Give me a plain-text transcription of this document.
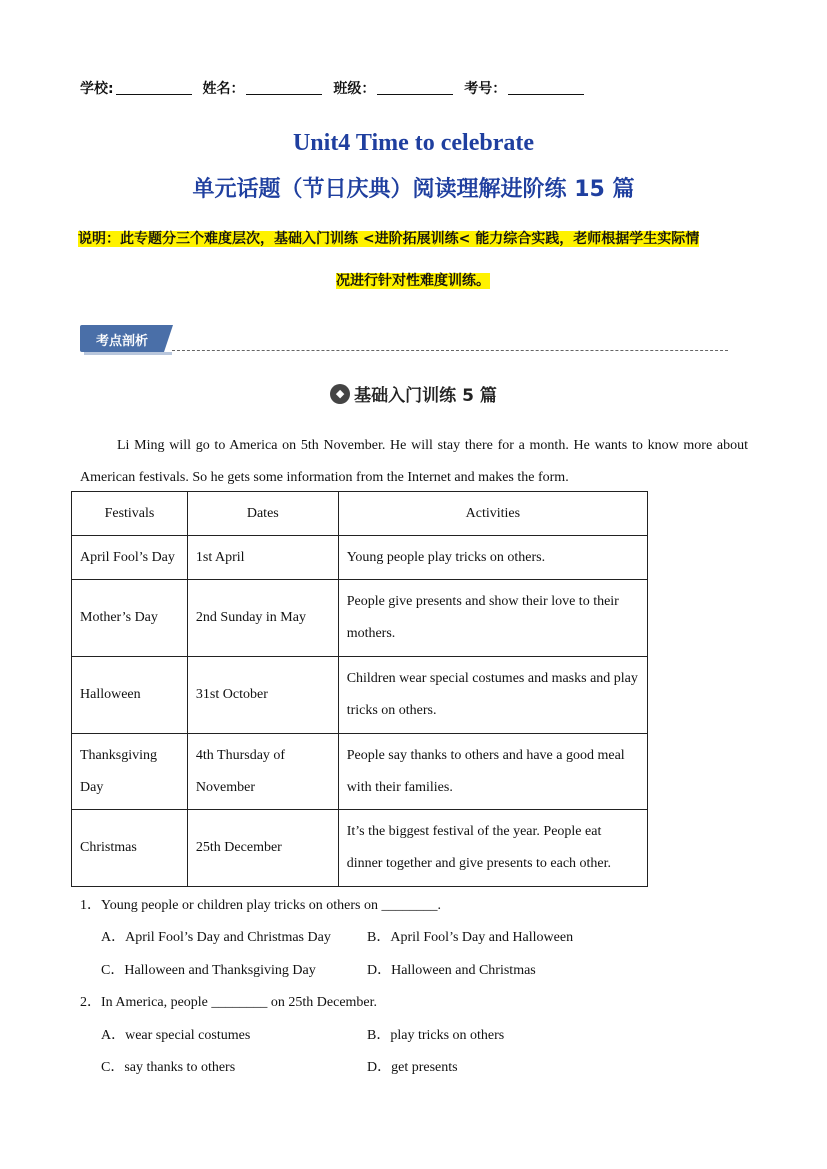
学校:	姓名：	班级：	考号：
Unit4 Time to celebrate
单元话题（节日庆典）阅读理解进阶练 15 篇
说明：此专题分三个难度层次，基础入门训练 <进阶拓展训练< 能力综合实践，老师根据学生实际情
况进行针对性难度训练。
考点剖析
◆ 基础入门训练 5 篇
Li Ming will go to America on 5th November. He will stay there for a month. He wants to know more about American festivals. So he gets some information from the Internet and makes the form.
Festivals	Dates	Activities
April Fool’s Day	1st April	Young people play tricks on others.
Mother’s Day	2nd Sunday in May	People give presents and show their love to their mothers.
Halloween	31st October	Children wear special costumes and masks and play tricks on others.
Thanksgiving Day	4th Thursday of November	People say thanks to others and have a good meal with their families.
Christmas	25th December	It’s the biggest festival of the year. People eat dinner together and give presents to each other.
1．Young people or children play tricks on others on ________.
A．April Fool’s Day and Christmas Day	B．April Fool’s Day and Halloween
C．Halloween and Thanksgiving Day	D．Halloween and Christmas
2．In America, people ________ on 25th December.
A．wear special costumes	B．play tricks on others
C．say thanks to others	D．get presents
